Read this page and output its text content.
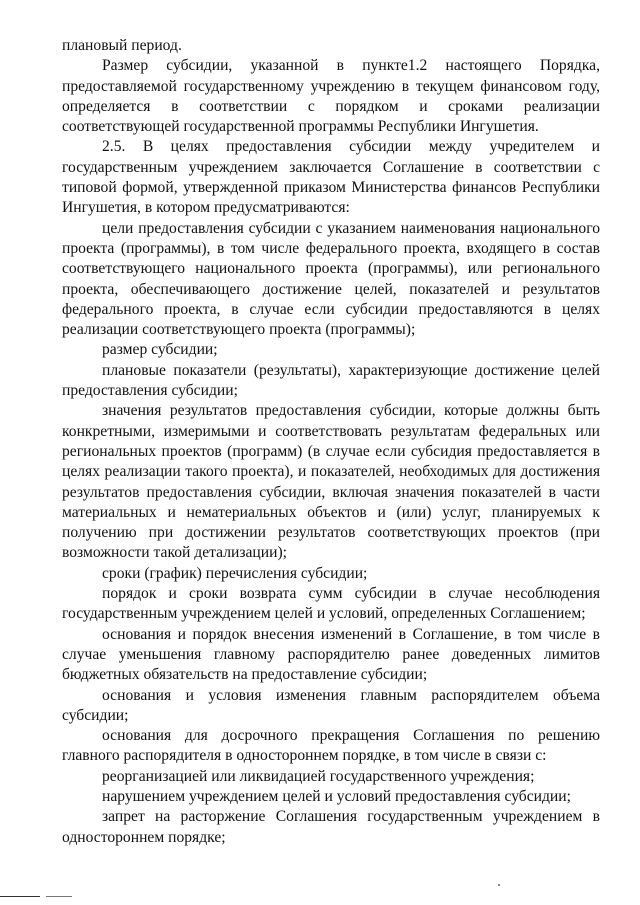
плановый период.

Размер субсидии, указанной в пункте1.2 настоящего Порядка, предоставляемой государственному учреждению в текущем финансовом году, определяется в соответствии с порядком и сроками реализации соответствующей государственной программы Республики Ингушетия.

2.5. В целях предоставления субсидии между учредителем и государственным учреждением заключается Соглашение в соответствии с типовой формой, утвержденной приказом Министерства финансов Республики Ингушетия, в котором предусматриваются:

цели предоставления субсидии с указанием наименования национального проекта (программы), в том числе федерального проекта, входящего в состав соответствующего национального проекта (программы), или регионального проекта, обеспечивающего достижение целей, показателей и результатов федерального проекта, в случае если субсидии предоставляются в целях реализации соответствующего проекта (программы);

размер субсидии;

плановые показатели (результаты), характеризующие достижение целей предоставления субсидии;

значения результатов предоставления субсидии, которые должны быть конкретными, измеримыми и соответствовать результатам федеральных или региональных проектов (программ) (в случае если субсидия предоставляется в целях реализации такого проекта), и показателей, необходимых для достижения результатов предоставления субсидии, включая значения показателей в части материальных и нематериальных объектов и (или) услуг, планируемых к получению при достижении результатов соответствующих проектов (при возможности такой детализации);

сроки (график) перечисления субсидии;

порядок и сроки возврата сумм субсидии в случае несоблюдения государственным учреждением целей и условий, определенных Соглашением;

основания и порядок внесения изменений в Соглашение, в том числе в случае уменьшения главному распорядителю ранее доведенных лимитов бюджетных обязательств на предоставление субсидии;

основания и условия изменения главным распорядителем объема субсидии;

основания для досрочного прекращения Соглашения по решению главного распорядителя в одностороннем порядке, в том числе в связи с:

реорганизацией или ликвидацией государственного учреждения;

нарушением учреждением целей и условий предоставления субсидии;

запрет на расторжение Соглашения государственным учреждением в одностороннем порядке;
